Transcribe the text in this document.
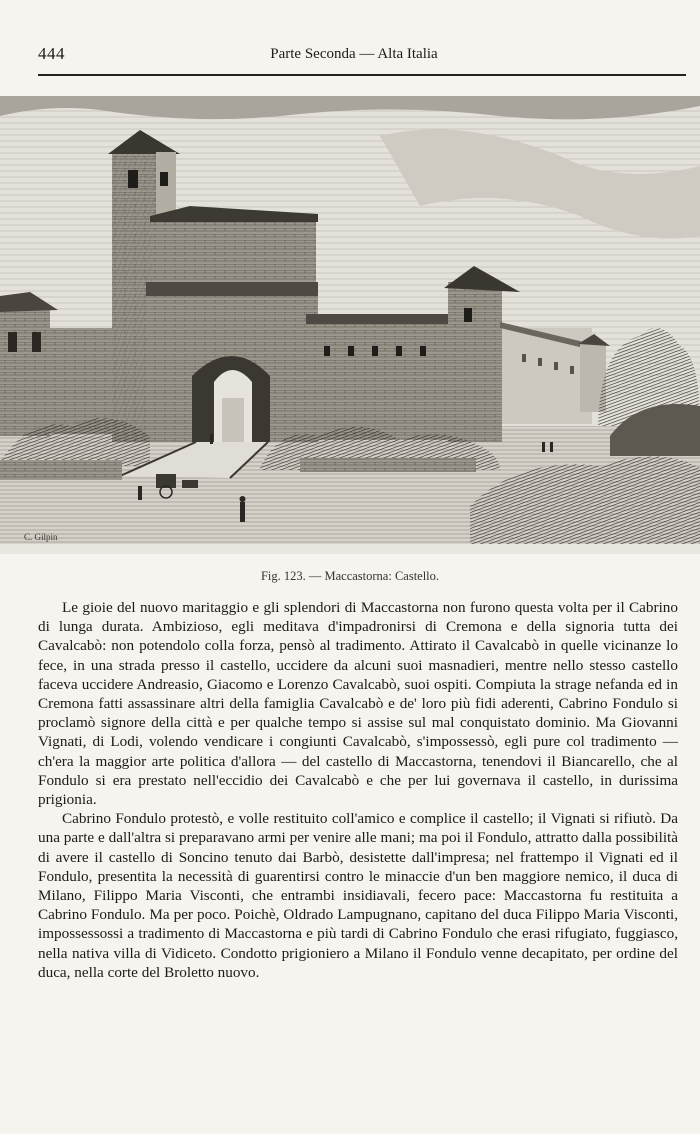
444	Parte Seconda — Alta Italia
C. Gilpin
Fig. 123. — Maccastorna: Castello.

Le gioie del nuovo maritaggio e gli splendori di Maccastorna non furono questa volta per il Cabrino di lunga durata. Ambizioso, egli meditava d'impadronirsi di Cremona e della signoria tutta dei Cavalcabò: non potendolo colla forza, pensò al tradimento. Attirato il Cavalcabò in quelle vicinanze lo fece, in una strada presso il castello, uccidere da alcuni suoi masnadieri, mentre nello stesso castello faceva uccidere Andreasio, Giacomo e Lorenzo Cavalcabò, suoi ospiti. Compiuta la strage nefanda ed in Cremona fatti assassinare altri della famiglia Cavalcabò e de' loro più fidi aderenti, Cabrino Fondulo si proclamò signore della città e per qualche tempo si assise sul mal conquistato dominio. Ma Giovanni Vignati, di Lodi, volendo vendicare i congiunti Cavalcabò, s'impossessò, egli pure col tradimento — ch'era la maggior arte politica d'allora — del castello di Maccastorna, tenendovi il Biancarello, che al Fondulo si era prestato nell'eccidio dei Cavalcabò e che per lui governava il castello, in durissima prigionia.

Cabrino Fondulo protestò, e volle restituito coll'amico e complice il castello; il Vignati si rifiutò. Da una parte e dall'altra si preparavano armi per venire alle mani; ma poi il Fondulo, attratto dalla possibilità di avere il castello di Soncino tenuto dai Barbò, desistette dall'impresa; nel frattempo il Vignati ed il Fondulo, presentita la necessità di guarentirsi contro le minaccie d'un ben maggiore nemico, il duca di Milano, Filippo Maria Visconti, che entrambi insidiavali, fecero pace: Maccastorna fu restituita a Cabrino Fondulo. Ma per poco. Poichè, Oldrado Lampugnano, capitano del duca Filippo Maria Visconti, impossessossi a tradimento di Maccastorna e più tardi di Cabrino Fondulo che erasi rifugiato, fuggiasco, nella nativa villa di Vidiceto. Condotto prigioniero a Milano il Fondulo venne decapitato, per ordine del duca, nella corte del Broletto nuovo.
